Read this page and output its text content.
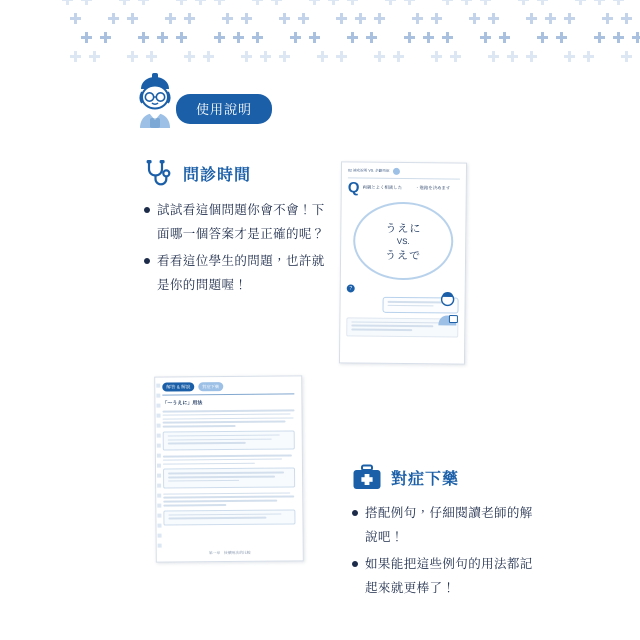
使用說明
問診時間
試試看這個問題你會不會！下面哪一個答案才是正確的呢？
看看這位學生的問題，也許就是你的問題喔！
02 補充說明 VS. 企劃再說
Q 両親とよく相談した　　　、進路を決めます
うえに
VS.
うえで
?
解答 & 解說	對症下藥
「～うえに」用法
第一章　接續用法的比較
對症下藥
搭配例句，仔細閱讀老師的解說吧！
如果能把這些例句的用法都記起來就更棒了！
